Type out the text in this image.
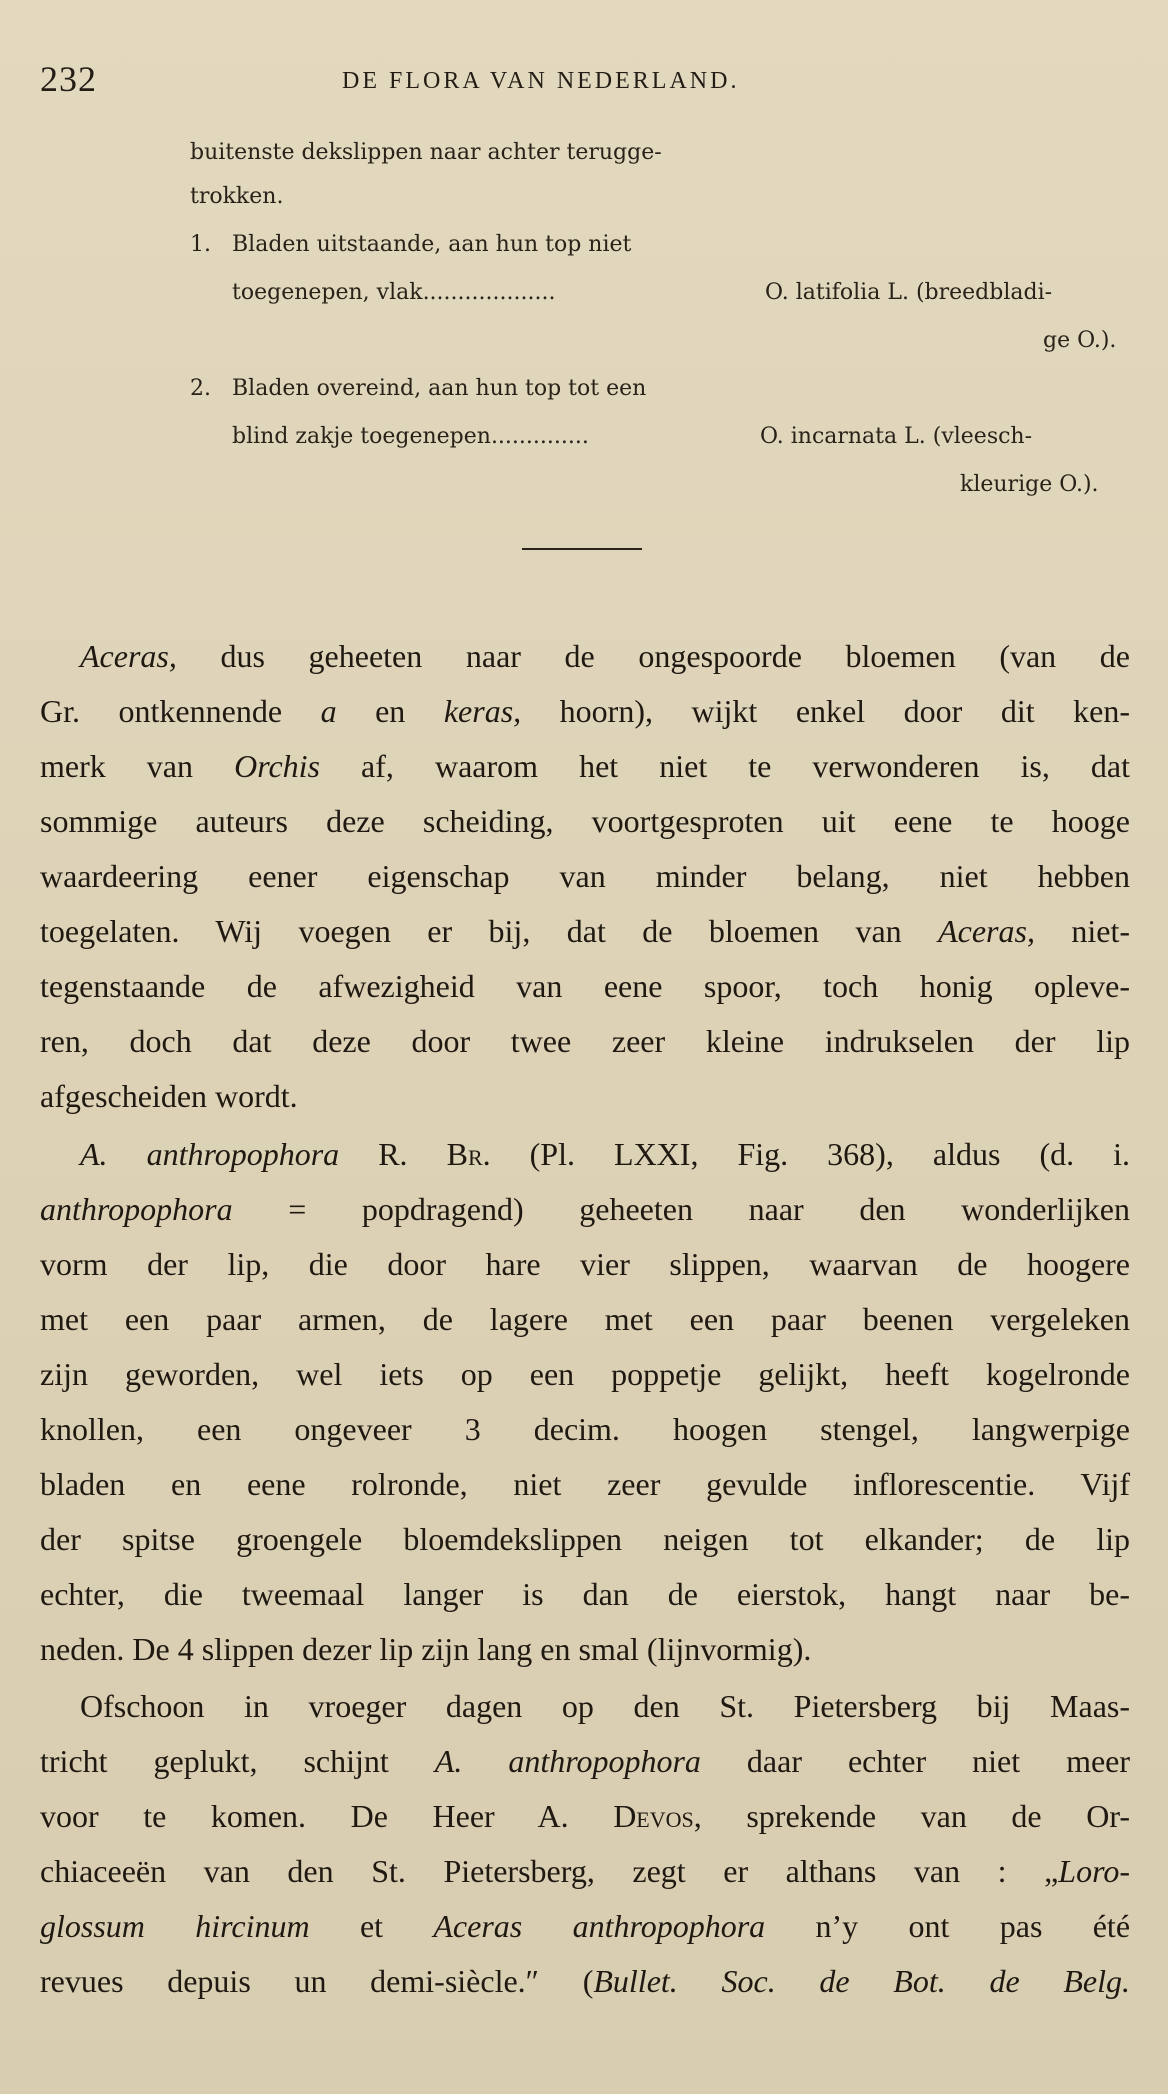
232	DE FLORA VAN NEDERLAND.
buitenste dekslippen naar achter terugge-
trokken.
1. Bladen uitstaande, aan hun top niet
toegenepen, vlak...................	O. latifolia L. (breedbladi-
ge O.).
2. Bladen overeind, aan hun top tot een
blind zakje toegenepen..............	O. incarnata L. (vleesch-
kleurige O.).
Aceras, dus geheeten naar de ongespoorde bloemen (van de
Gr. ontkennende a en keras, hoorn), wijkt enkel door dit ken-
merk van Orchis af, waarom het niet te verwonderen is, dat
sommige auteurs deze scheiding, voortgesproten uit eene te hooge
waardeering eener eigenschap van minder belang, niet hebben
toegelaten. Wij voegen er bij, dat de bloemen van Aceras, niet-
tegenstaande de afwezigheid van eene spoor, toch honig opleve-
ren, doch dat deze door twee zeer kleine indrukselen der lip
afgescheiden wordt.
A. anthropophora R. Br. (Pl. LXXI, Fig. 368), aldus (d. i.
anthropophora = popdragend) geheeten naar den wonderlijken
vorm der lip, die door hare vier slippen, waarvan de hoogere
met een paar armen, de lagere met een paar beenen vergeleken
zijn geworden, wel iets op een poppetje gelijkt, heeft kogelronde
knollen, een ongeveer 3 decim. hoogen stengel, langwerpige
bladen en eene rolronde, niet zeer gevulde inflorescentie. Vijf
der spitse groengele bloemdekslippen neigen tot elkander; de lip
echter, die tweemaal langer is dan de eierstok, hangt naar be-
neden. De 4 slippen dezer lip zijn lang en smal (lijnvormig).
Ofschoon in vroeger dagen op den St. Pietersberg bij Maas-
tricht geplukt, schijnt A. anthropophora daar echter niet meer
voor te komen. De Heer A. Devos, sprekende van de Or-
chiaceeën van den St. Pietersberg, zegt er althans van : „Loro-
glossum hircinum et Aceras anthropophora n’y ont pas été
revues depuis un demi-siècle.″ (Bullet. Soc. de Bot. de Belg.
